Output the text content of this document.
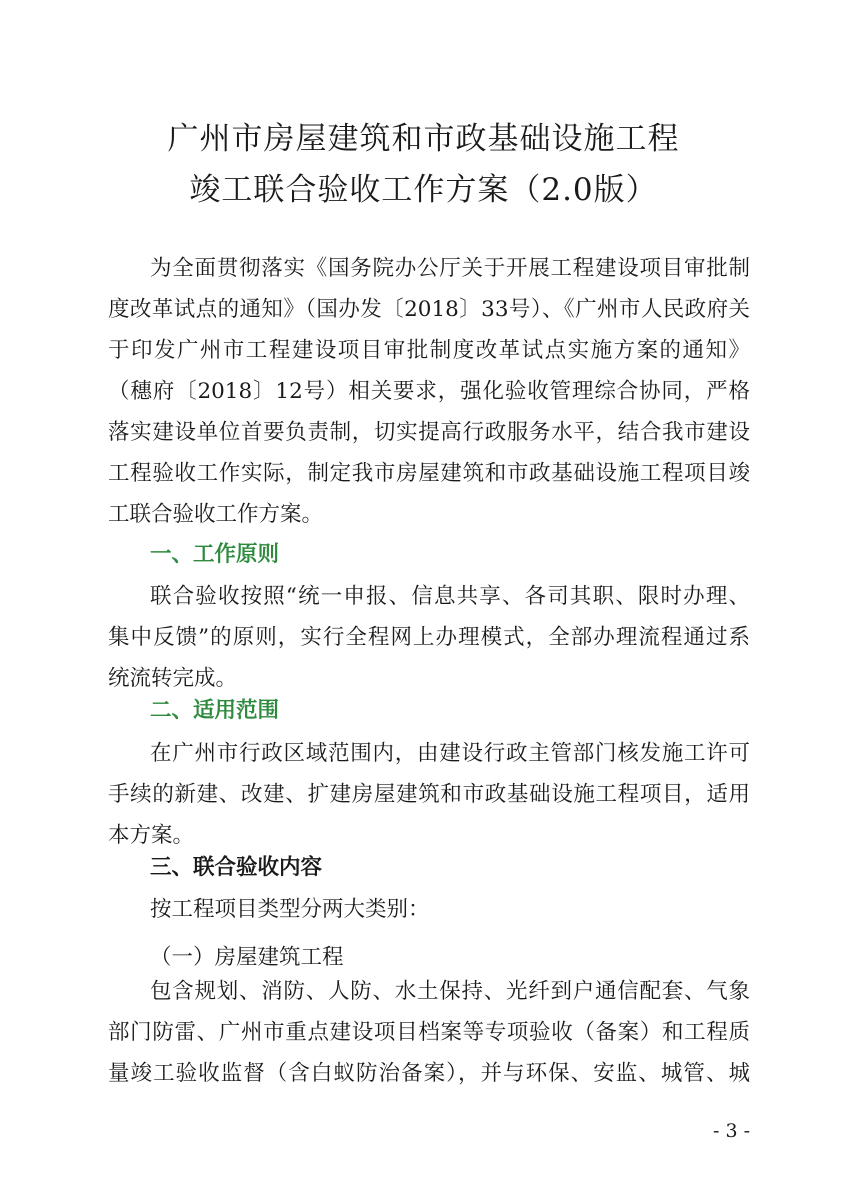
广州市房屋建筑和市政基础设施工程
竣工联合验收工作方案（2.0版）

为全面贯彻落实《国务院办公厅关于开展工程建设项目审批制

度改革试点的通知》（国办发〔2018〕33号）、《广州市人民政府关

于印发广州市工程建设项目审批制度改革试点实施方案的通知》

（穗府〔2018〕12号）相关要求，强化验收管理综合协同，严格

落实建设单位首要负责制，切实提高行政服务水平，结合我市建设

工程验收工作实际，制定我市房屋建筑和市政基础设施工程项目竣

工联合验收工作方案。

一、工作原则

联合验收按照“统一申报、信息共享、各司其职、限时办理、

集中反馈”的原则，实行全程网上办理模式，全部办理流程通过系

统流转完成。

二、适用范围

在广州市行政区域范围内，由建设行政主管部门核发施工许可

手续的新建、改建、扩建房屋建筑和市政基础设施工程项目，适用

本方案。

三、联合验收内容

按工程项目类型分两大类别：

（一）房屋建筑工程

包含规划、消防、人防、水土保持、光纤到户通信配套、气象

部门防雷、广州市重点建设项目档案等专项验收（备案）和工程质

量竣工验收监督（含白蚁防治备案），并与环保、安监、城管、城

- 3 -
